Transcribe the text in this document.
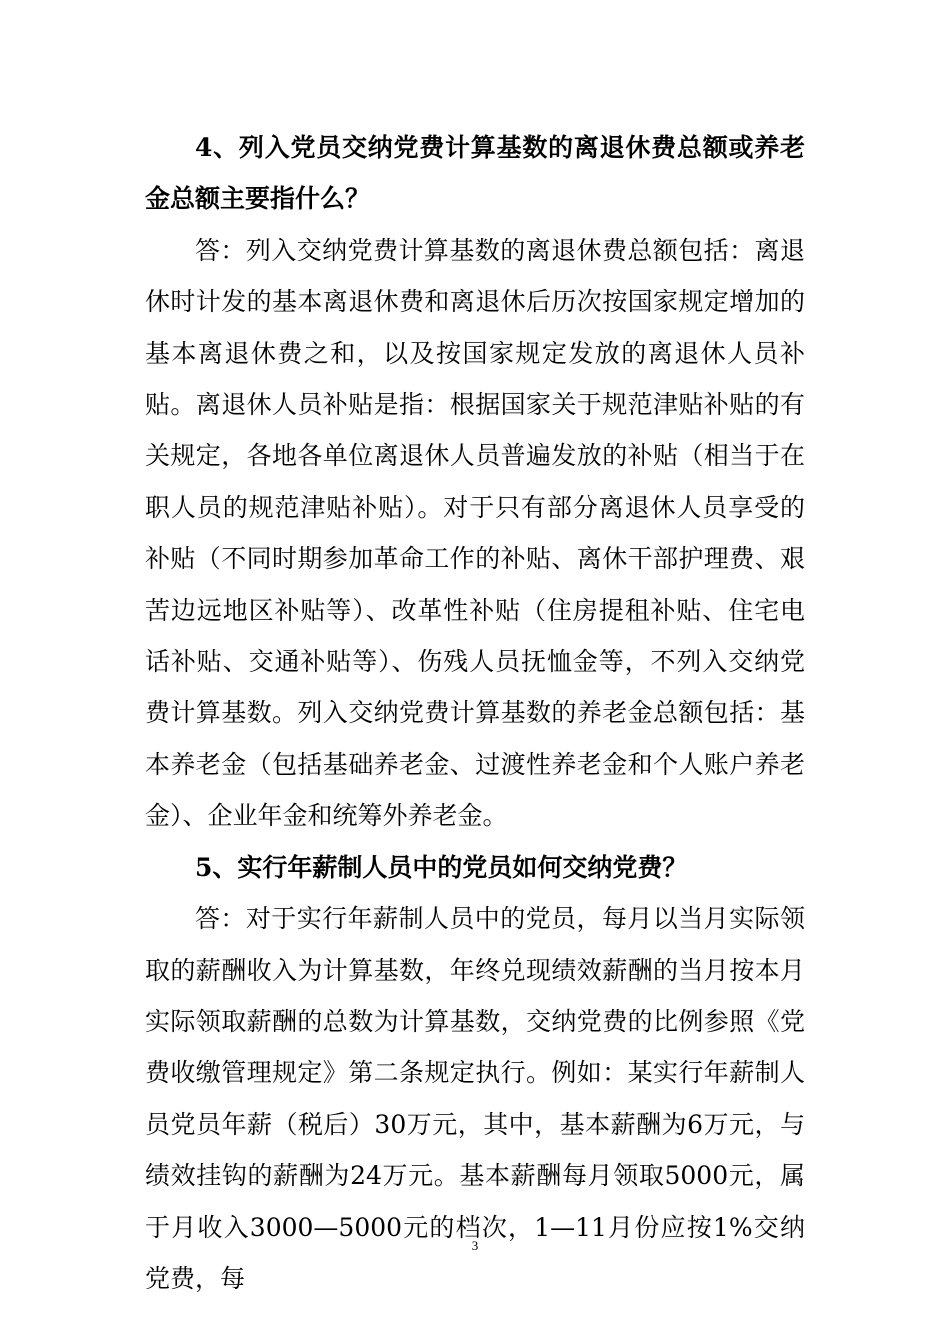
4、列入党员交纳党费计算基数的离退休费总额或养老金总额主要指什么？

答：列入交纳党费计算基数的离退休费总额包括：离退休时计发的基本离退休费和离退休后历次按国家规定增加的基本离退休费之和，以及按国家规定发放的离退休人员补贴。离退休人员补贴是指：根据国家关于规范津贴补贴的有关规定，各地各单位离退休人员普遍发放的补贴（相当于在职人员的规范津贴补贴）。对于只有部分离退休人员享受的补贴（不同时期参加革命工作的补贴、离休干部护理费、艰苦边远地区补贴等）、改革性补贴（住房提租补贴、住宅电话补贴、交通补贴等）、伤残人员抚恤金等，不列入交纳党费计算基数。列入交纳党费计算基数的养老金总额包括：基本养老金（包括基础养老金、过渡性养老金和个人账户养老金）、企业年金和统筹外养老金。

5、实行年薪制人员中的党员如何交纳党费？

答：对于实行年薪制人员中的党员，每月以当月实际领取的薪酬收入为计算基数，年终兑现绩效薪酬的当月按本月实际领取薪酬的总数为计算基数，交纳党费的比例参照《党费收缴管理规定》第二条规定执行。例如：某实行年薪制人员党员年薪（税后）30万元，其中，基本薪酬为6万元，与绩效挂钩的薪酬为24万元。基本薪酬每月领取5000元，属于月收入3000—5000元的档次，1—11月份应按1%交纳党费，每

3
